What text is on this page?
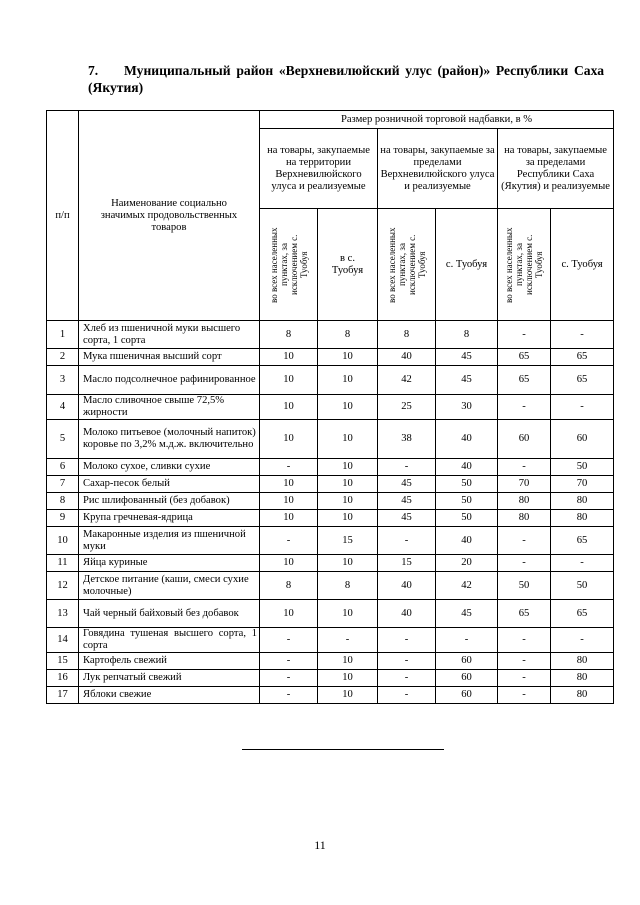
7. Муниципальный район «Верхневилюйский улус (район)» Республики Саха (Якутия)
п/п	Наименование социально значимых продовольственных товаров	Размер розничной торговой надбавки, в %					
		на товары, закупаемые на территории Верхневилюйского улуса и реализуемые		на товары, закупаемые за пределами Верхневилюйского улуса и реализуемые		на товары, закупаемые за пределами Республики Саха (Якутия) и реализуемые	

		во всех населенных пунктах, за исключением с. Туобуя	в с. Туобуя	во всех населенных пунктах, за исключением с. Туобуя	с. Туобуя	во всех населенных пунктах, за исключением с. Туобуя	с. Туобуя
1	Хлеб из пшеничной муки высшего сорта, 1 сорта	8	8	8	8	-	-
2	Мука пшеничная высший сорт	10	10	40	45	65	65
3	Масло подсолнечное рафинированное	10	10	42	45	65	65
4	Масло сливочное свыше 72,5% жирности	10	10	25	30	-	-
5	Молоко питьевое (молочный напиток) коровье по 3,2% м.д.ж. включительно	10	10	38	40	60	60
6	Молоко сухое, сливки сухие	-	10	-	40	-	50
7	Сахар-песок белый	10	10	45	50	70	70
8	Рис шлифованный (без добавок)	10	10	45	50	80	80
9	Крупа гречневая-ядрица	10	10	45	50	80	80
10	Макаронные изделия из пшеничной муки	-	15	-	40	-	65
11	Яйца куриные	10	10	15	20	-	-
12	Детское питание (каши, смеси сухие молочные)	8	8	40	42	50	50
13	Чай черный байховый без добавок	10	10	40	45	65	65
14	Говядина тушеная высшего сорта, 1 сорта	-	-	-	-	-	-
15	Картофель свежий	-	10	-	60	-	80
16	Лук репчатый свежий	-	10	-	60	-	80
17	Яблоки свежие	-	10	-	60	-	80
11
